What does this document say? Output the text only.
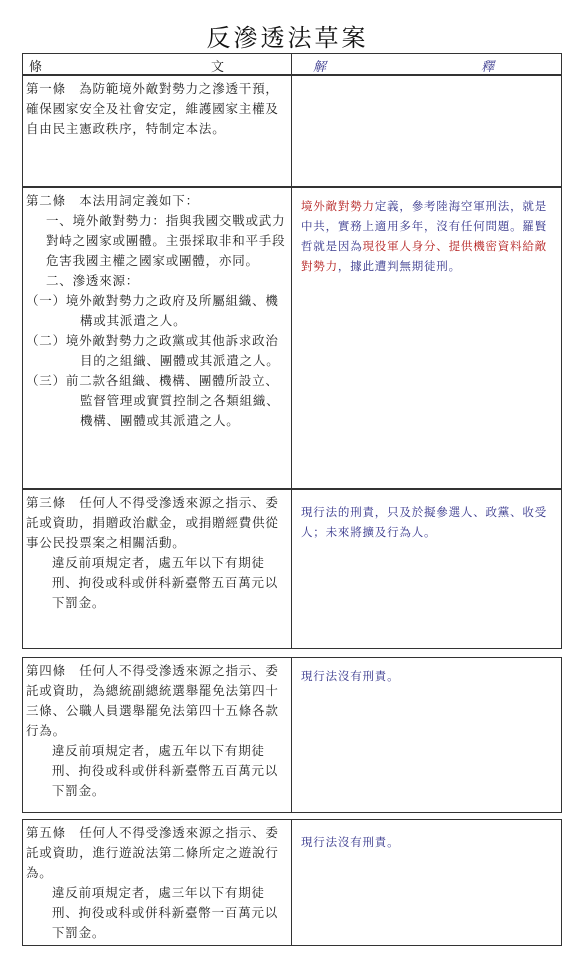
反滲透法草案
條　　　　　　　　　　　　文	解　　　　　　　　　　　釋
第一條　為防範境外敵對勢力之滲透干預，確保國家安全及社會安定，維護國家主權及自由民主憲政秩序，特制定本法。

第二條　本法用詞定義如下：

一、境外敵對勢力：指與我國交戰或武力對峙之國家或團體。主張採取非和平手段危害我國主權之國家或團體，亦同。

二、滲透來源：

（一）境外敵對勢力之政府及所屬組織、機構或其派遣之人。

（二）境外敵對勢力之政黨或其他訴求政治目的之組織、團體或其派遣之人。

（三）前二款各組織、機構、團體所設立、監督管理或實質控制之各類組織、機構、團體或其派遣之人。

境外敵對勢力定義，參考陸海空軍刑法，就是中共，實務上適用多年，沒有任何問題。羅賢哲就是因為現役軍人身分、提供機密資料給敵對勢力，據此遭判無期徒刑。

第三條　任何人不得受滲透來源之指示、委託或資助，捐贈政治獻金，或捐贈經費供從事公民投票案之相關活動。

違反前項規定者，處五年以下有期徒刑、拘役或科或併科新臺幣五百萬元以下罰金。

現行法的刑責，只及於擬參選人、政黨、收受人；未來將擴及行為人。

第四條　任何人不得受滲透來源之指示、委託或資助，為總統副總統選舉罷免法第四十三條、公職人員選舉罷免法第四十五條各款行為。

違反前項規定者，處五年以下有期徒刑、拘役或科或併科新臺幣五百萬元以下罰金。

現行法沒有刑責。

第五條　任何人不得受滲透來源之指示、委託或資助，進行遊說法第二條所定之遊說行為。

違反前項規定者，處三年以下有期徒刑、拘役或科或併科新臺幣一百萬元以下罰金。

現行法沒有刑責。
